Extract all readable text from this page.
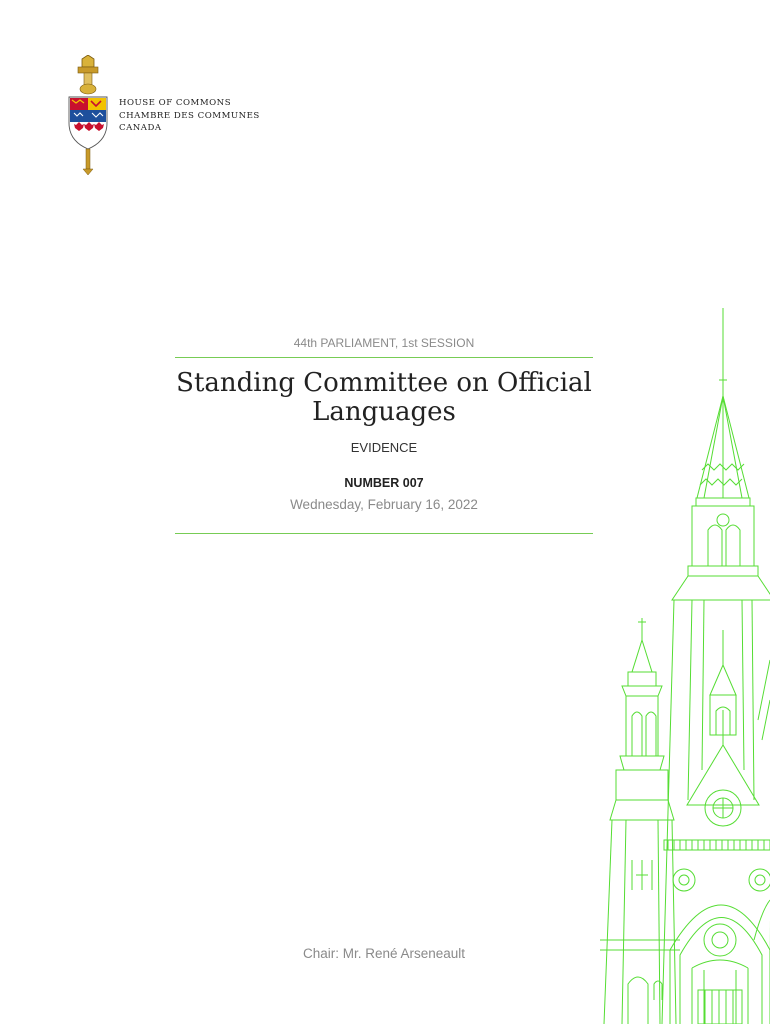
HOUSE OF COMMONS
CHAMBRE DES COMMUNES
CANADA
44th PARLIAMENT, 1st SESSION
Standing Committee on Official Languages
EVIDENCE
NUMBER 007
Wednesday, February 16, 2022
Chair: Mr. René Arseneault
